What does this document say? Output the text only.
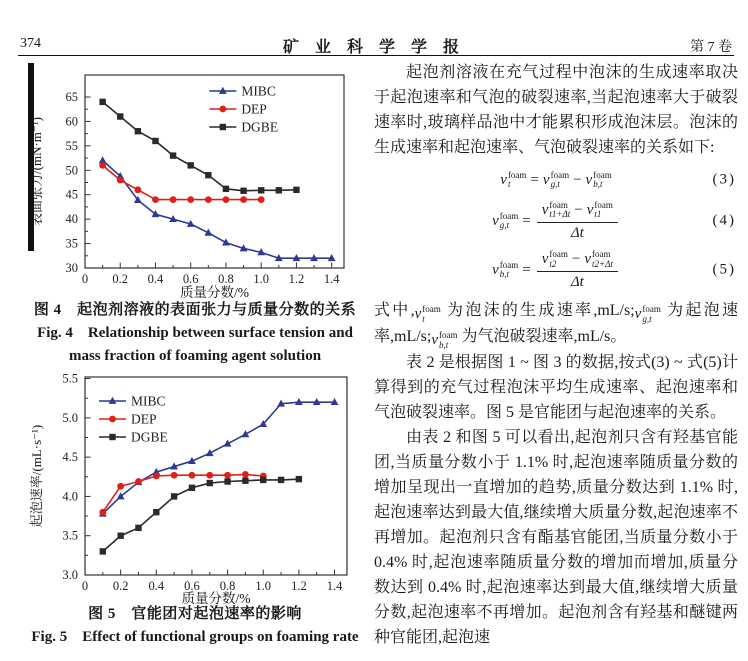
374	矿 业 科 学 学 报	第 7 卷
0 0.2 0.4 0.6 0.8 1.0 1.2 1.4
30
35
40
45
50
55
60
65
质量分数/%
表面张力/(mN·m⁻¹)
MIBC
DEP
DGBE
图 4　起泡剂溶液的表面张力与质量分数的关系
Fig. 4　Relationship between surface tension and
mass fraction of foaming agent solution
0 0.2 0.4 0.6 0.8 1.0 1.2 1.4
3.0
3.5
4.0
4.5
5.0
5.5
质量分数/%
起泡速率/(mL·s⁻¹)
MIBC
DEP
DGBE
图 5　官能团对起泡速率的影响
Fig. 5　Effect of functional groups on foaming rate

起泡剂溶液在充气过程中泡沫的生成速率取决于起泡速率和气泡的破裂速率,当起泡速率大于破裂速率时,玻璃样品池中才能累积形成泡沫层。泡沫的生成速率和起泡速率、气泡破裂速率的关系如下:

v foam
t	= v foam
g,t − v foam
b,t	(3)
v foam
g,t = v foam
t1+Δt − v foam
t1
Δt	(4)
v foam
b,t = v foam
t2	− v foam
t2+Δt
Δt	(5)

式中, v foam
t 为泡沫的生成速率,mL/s; v foam
g,t 为起泡速率,mL/s; v foam
b,t 为气泡破裂速率,mL/s。

表 2 是根据图 1 ~ 图 3 的数据,按式(3) ~ 式(5)计算得到的充气过程泡沫平均生成速率、起泡速率和气泡破裂速率。图 5 是官能团与起泡速率的关系。

由表 2 和图 5 可以看出,起泡剂只含有羟基官能团,当质量分数小于 1.1% 时,起泡速率随质量分数的增加呈现出一直增加的趋势,质量分数达到 1.1% 时,起泡速率达到最大值,继续增大质量分数,起泡速率不再增加。起泡剂只含有酯基官能团,当质量分数小于 0.4% 时,起泡速率随质量分数的增加而增加,质量分数达到 0.4% 时,起泡速率达到最大值,继续增大质量分数,起泡速率不再增加。起泡剂含有羟基和醚键两种官能团,起泡速
